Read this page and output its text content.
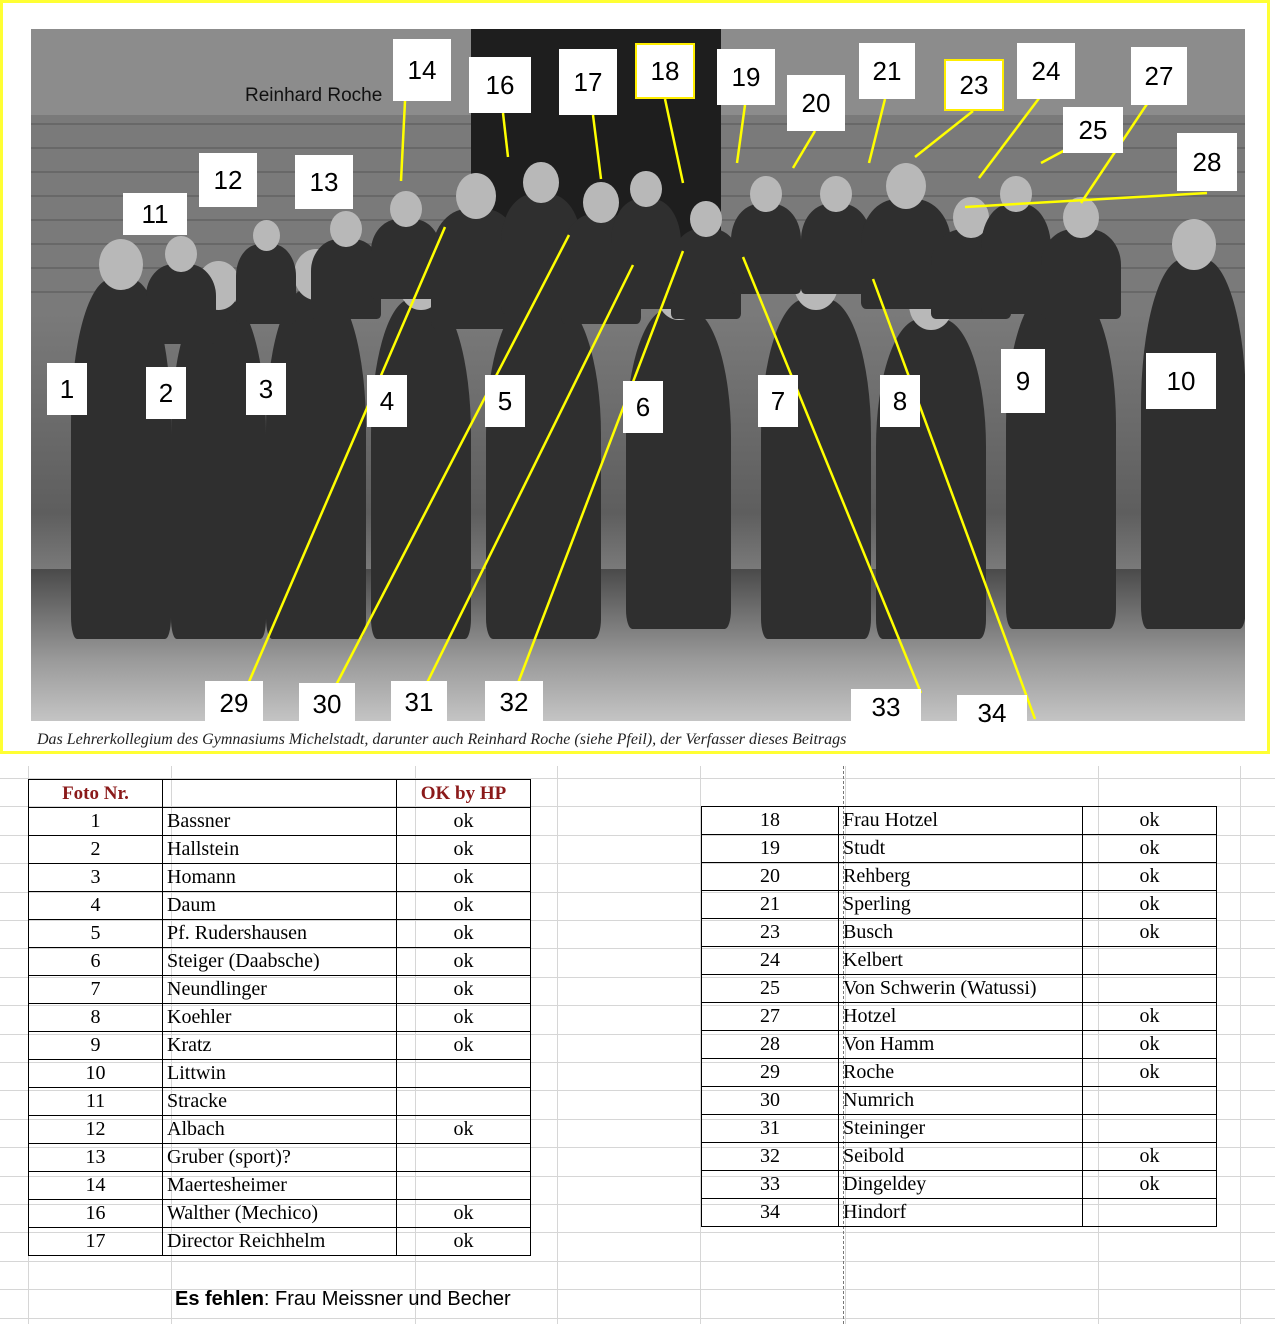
Reinhard Roche
1	2	3	4	5	6	7	8
9	10
11
12	13
14	16	17	18	19
20
21	23	24
25
27
28
29	30	31	32	33	34
Das Lehrerkollegium des Gymnasiums Michelstadt, darunter auch Reinhard Roche (siehe Pfeil), der Verfasser dieses Beitrags
Foto Nr.		OK by HP
1	Bassner	ok
2	Hallstein	ok
3	Homann	ok
4	Daum	ok
5	Pf. Rudershausen	ok
6	Steiger (Daabsche)	ok
7	Neundlinger	ok
8	Koehler	ok
9	Kratz	ok
10	Littwin	
11	Stracke	
12	Albach	ok
13	Gruber (sport)?	
14	Maertesheimer	
16	Walther (Mechico)	ok
17	Director Reichhelm	ok
18	Frau Hotzel	ok
19	Studt	ok
20	Rehberg	ok
21	Sperling	ok
23	Busch	ok
24	Kelbert	
25	Von Schwerin (Watussi)	
27	Hotzel	ok
28	Von Hamm	ok
29	Roche	ok
30	Numrich	
31	Steininger	
32	Seibold	ok
33	Dingeldey	ok
34	Hindorf	
Es fehlen: Frau Meissner und Becher
